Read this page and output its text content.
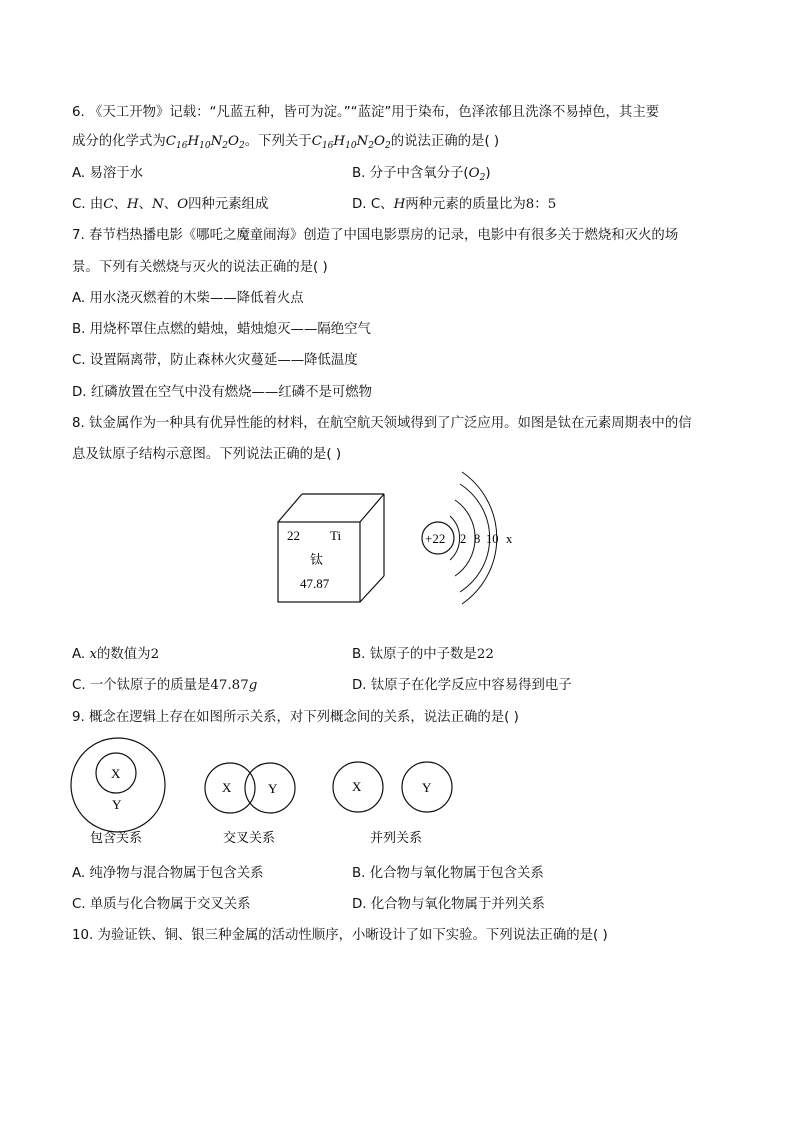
6. 《天工开物》记载：“凡蓝五种，皆可为淀。”“蓝淀”用于染布，色泽浓郁且洗涤不易掉色，其主要
成分的化学式为$C_{16}H_{10}N_2O_2$。下列关于$C_{16}H_{10}N_2O_2$的说法正确的是( )
A. 易溶于水	B. 分子中含氧分子$(O_2)$
C. 由C、H、N、O四种元素组成	D. C、H两种元素的质量比为8：5
7. 春节档热播电影《哪吒之魔童闹海》创造了中国电影票房的记录，电影中有很多关于燃烧和灭火的场
景。下列有关燃烧与灭火的说法正确的是( )
A. 用水浇灭燃着的木柴——降低着火点
B. 用烧杯罩住点燃的蜡烛，蜡烛熄灭——隔绝空气
C. 设置隔离带，防止森林火灾蔓延——降低温度
D. 红磷放置在空气中没有燃烧——红磷不是可燃物
8. 钛金属作为一种具有优异性能的材料，在航空航天领域得到了广泛应用。如图是钛在元素周期表中的信
息及钛原子结构示意图。下列说法正确的是( )
22 Ti
钛
47.87
+22 2 8 10 x
A. x的数值为2	B. 钛原子的中子数是22
C. 一个钛原子的质量是47.87g	D. 钛原子在化学反应中容易得到电子
9. 概念在逻辑上存在如图所示关系，对下列概念间的关系，说法正确的是( )
X
Y
包含关系
X	Y
交叉关系
X	Y
并列关系
A. 纯净物与混合物属于包含关系	B. 化合物与氧化物属于包含关系
C. 单质与化合物属于交叉关系	D. 化合物与氧化物属于并列关系
10. 为验证铁、铜、银三种金属的活动性顺序，小晰设计了如下实验。下列说法正确的是( )
